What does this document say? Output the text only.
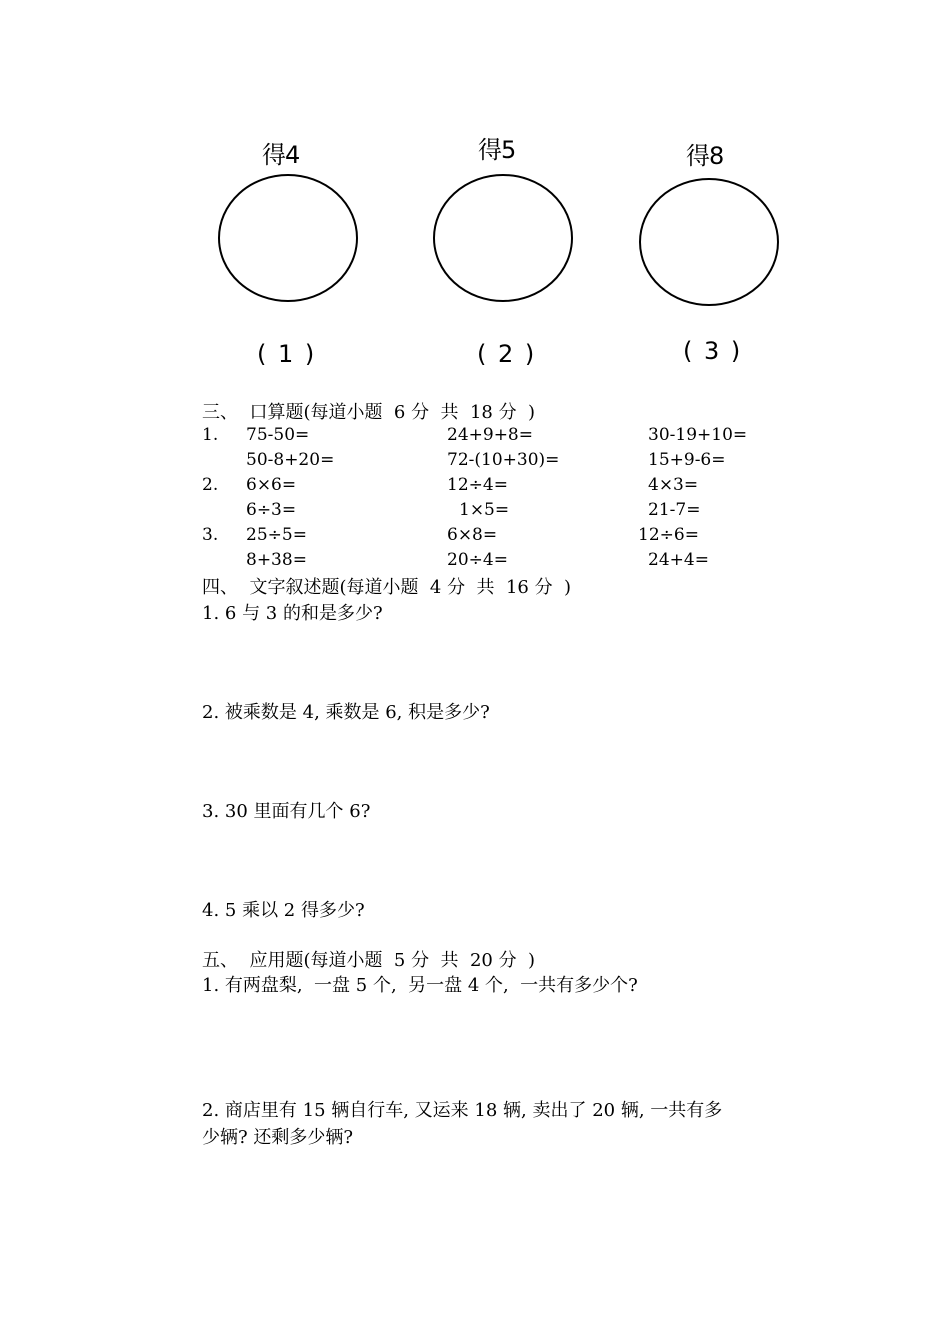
得4
( 1 )
得5
( 2 )
得8
( 3 )
三、  口算题(每道小题  6 分  共  18 分  )
1. 75-50=	24+9+8=	30-19+10=
50-8+20=	72-(10+30)=	15+9-6=
2. 6×6=	12÷4=	4×3=
6÷3=	1×5=	21-7=
3. 25÷5=	6×8=	12÷6=
8+38=	20÷4=	24+4=
四、  文字叙述题(每道小题  4 分  共  16 分  )
1. 6 与 3 的和是多少?
2. 被乘数是 4, 乘数是 6, 积是多少?
3. 30 里面有几个 6?
4. 5 乘以 2 得多少?
五、  应用题(每道小题  5 分  共  20 分  )
1. 有两盘梨,  一盘 5 个,  另一盘 4 个,  一共有多少个?
2. 商店里有 15 辆自行车, 又运来 18 辆, 卖出了 20 辆, 一共有多
少辆? 还剩多少辆?
